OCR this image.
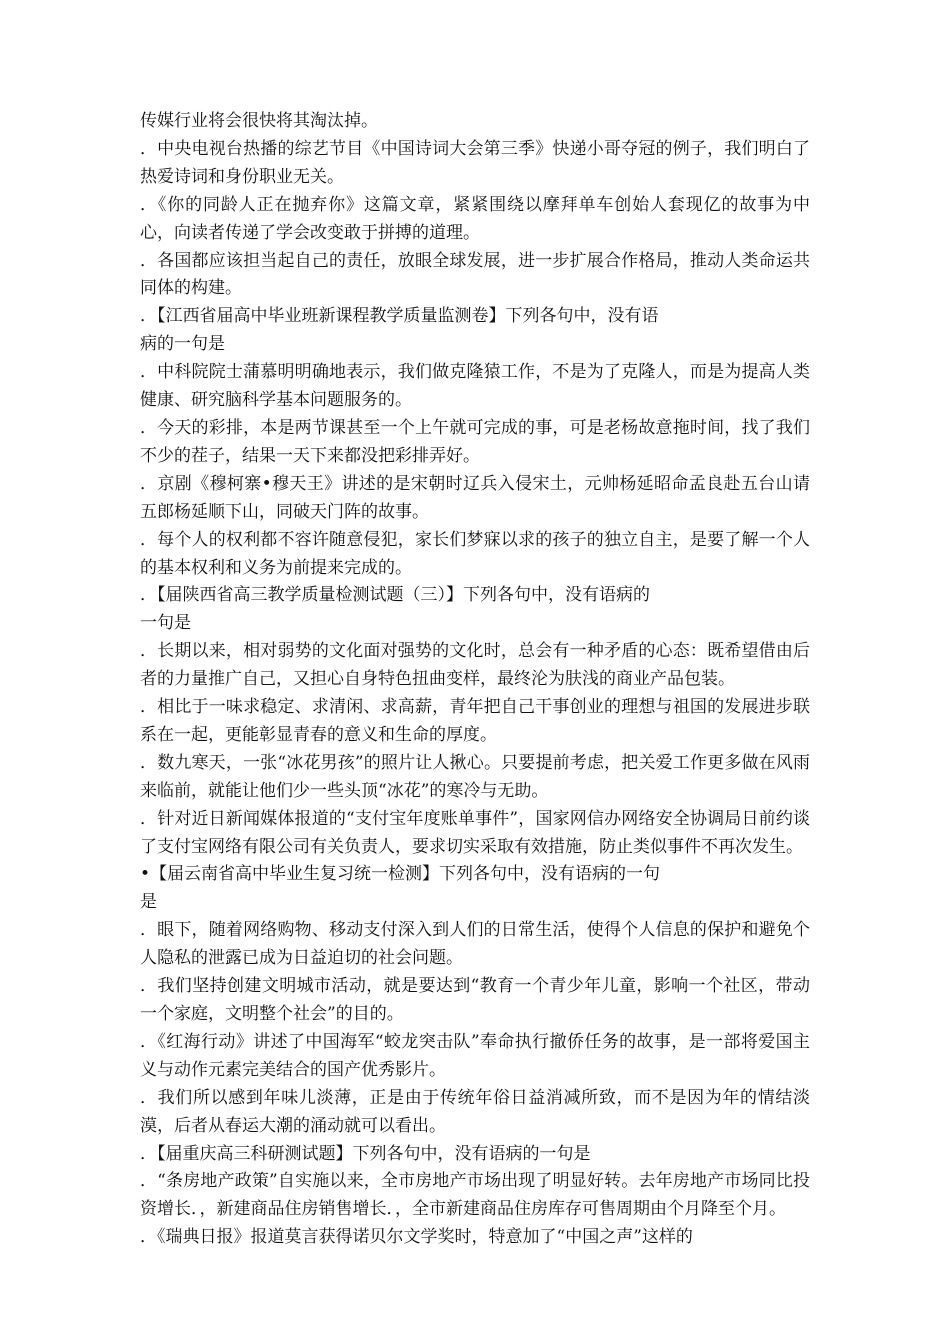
传媒行业将会很快将其淘汰掉。

．中央电视台热播的综艺节目《中国诗词大会第三季》快递小哥夺冠的例子，我们明白了热爱诗词和身份职业无关。

．《你的同龄人正在抛弃你》这篇文章，紧紧围绕以摩拜单车创始人套现亿的故事为中心，向读者传递了学会改变敢于拼搏的道理。

．各国都应该担当起自己的责任，放眼全球发展，进一步扩展合作格局，推动人类命运共同体的构建。

．【江西省届高中毕业班新课程教学质量监测卷】下列各句中，没有语
病的一句是

．中科院院士蒲慕明明确地表示，我们做克隆猿工作，不是为了克隆人，而是为提高人类健康、研究脑科学基本问题服务的。

．今天的彩排，本是两节课甚至一个上午就可完成的事，可是老杨故意拖时间，找了我们不少的茬子，结果一天下来都没把彩排弄好。

．京剧《穆柯寨•穆天王》讲述的是宋朝时辽兵入侵宋土，元帅杨延昭命孟良赴五台山请五郎杨延顺下山，同破天门阵的故事。

．每个人的权利都不容许随意侵犯，家长们梦寐以求的孩子的独立自主，是要了解一个人的基本权利和义务为前提来完成的。

．【届陕西省高三教学质量检测试题（三）】下列各句中，没有语病的
一句是

．长期以来，相对弱势的文化面对强势的文化时，总会有一种矛盾的心态：既希望借由后者的力量推广自己，又担心自身特色扭曲变样，最终沦为肤浅的商业产品包装。

．相比于一味求稳定、求清闲、求高薪，青年把自己干事创业的理想与祖国的发展进步联系在一起，更能彰显青春的意义和生命的厚度。

．数九寒天，一张“冰花男孩”的照片让人揪心。只要提前考虑，把关爱工作更多做在风雨来临前，就能让他们少一些头顶“冰花”的寒冷与无助。

．针对近日新闻媒体报道的“支付宝年度账单事件”，国家网信办网络安全协调局日前约谈了支付宝网络有限公司有关负责人，要求切实采取有效措施，防止类似事件不再次发生。

•【届云南省高中毕业生复习统一检测】下列各句中，没有语病的一句
是

．眼下，随着网络购物、移动支付深入到人们的日常生活，使得个人信息的保护和避免个人隐私的泄露已成为日益迫切的社会问题。

．我们坚持创建文明城市活动，就是要达到“教育一个青少年儿童，影响一个社区，带动一个家庭，文明整个社会”的目的。

．《红海行动》讲述了中国海军“蛟龙突击队”奉命执行撤侨任务的故事，是一部将爱国主义与动作元素完美结合的国产优秀影片。

．我们所以感到年味儿淡薄，正是由于传统年俗日益消减所致，而不是因为年的情结淡漠，后者从春运大潮的涌动就可以看出。

．【届重庆高三科研测试题】下列各句中，没有语病的一句是

．“条房地产政策”自实施以来，全市房地产市场出现了明显好转。去年房地产市场同比投资增长．，新建商品住房销售增长．，全市新建商品住房库存可售周期由个月降至个月。

．《瑞典日报》报道莫言获得诺贝尔文学奖时，特意加了“中国之声”这样的
